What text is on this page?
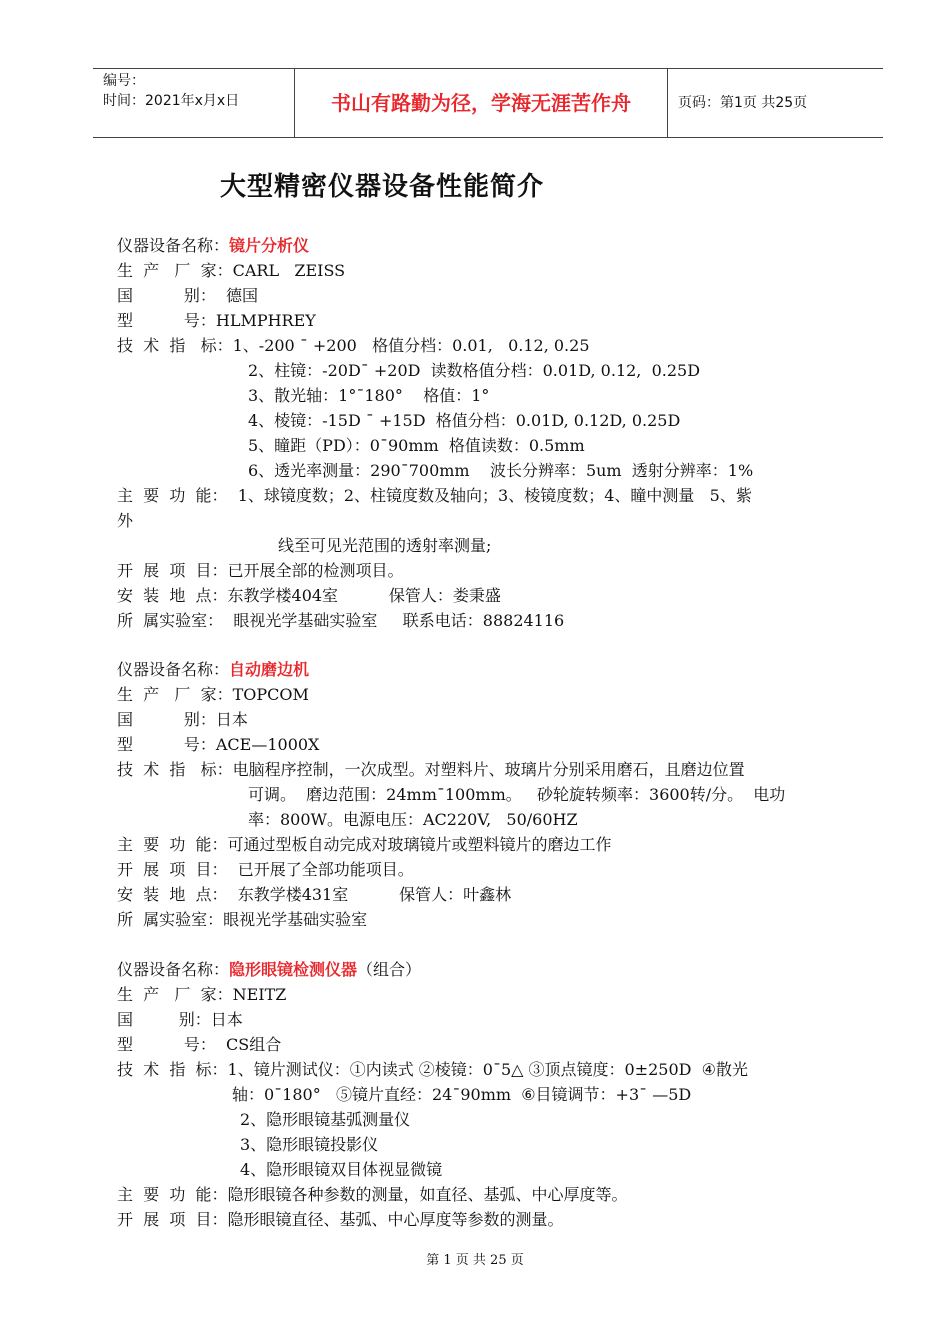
编号：
时间：2021年x月x日	书山有路勤为径，学海无涯苦作舟	页码：第1页 共25页
大型精密仪器设备性能简介
仪器设备名称：镜片分析仪
生  产   厂  家：CARL   ZEISS
国          别：  德国
型          号：HLMPHREY
技  术  指   标：1、-200 ¯ +200   格值分档：0.01,   0.12, 0.25
2、柱镜：-20D¯ +20D  读数格值分档：0.01D, 0.12,  0.25D
3、散光轴：1°¯180°    格值：1°
4、棱镜：-15D ¯ +15D  格值分档：0.01D, 0.12D, 0.25D
5、瞳距（PD）：0¯90mm  格值读数：0.5mm
6、透光率测量：290¯700mm    波长分辨率：5um  透射分辨率：1%
主  要  功  能：  1、球镜度数；2、柱镜度数及轴向；3、棱镜度数；4、瞳中测量   5、紫
外
线至可见光范围的透射率测量;
开  展  项  目：已开展全部的检测项目。
安  装  地  点：东教学楼404室          保管人：娄秉盛
所  属实验室：  眼视光学基础实验室     联系电话：88824116
仪器设备名称：自动磨边机
生  产   厂  家：TOPCOM
国          别：日本
型          号：ACE—1000X
技  术  指   标：电脑程序控制，一次成型。对塑料片、玻璃片分别采用磨石，且磨边位置
可调。  磨边范围：24mm¯100mm。   砂轮旋转频率：3600转/分。  电功
率：800W。电源电压：AC220V,   50/60HZ
主  要  功  能：可通过型板自动完成对玻璃镜片或塑料镜片的磨边工作
开  展  项  目：  已开展了全部功能项目。
安  装  地  点：  东教学楼431室          保管人：叶鑫林
所  属实验室：眼视光学基础实验室
仪器设备名称：隐形眼镜检测仪器（组合）
生  产   厂  家：NEITZ
国         别：日本
型          号：  CS组合
技  术  指  标：1、镜片测试仪：①内读式 ②棱镜：0¯5△ ③顶点镜度：0±250D  ④散光
轴：0¯180°   ⑤镜片直经：24¯90mm  ⑥目镜调节：+3¯ —5D
2、隐形眼镜基弧测量仪
3、隐形眼镜投影仪
4、隐形眼镜双目体视显微镜
主  要  功  能：隐形眼镜各种参数的测量，如直径、基弧、中心厚度等。
开  展  项  目：隐形眼镜直径、基弧、中心厚度等参数的测量。
第 1 页 共 25 页
